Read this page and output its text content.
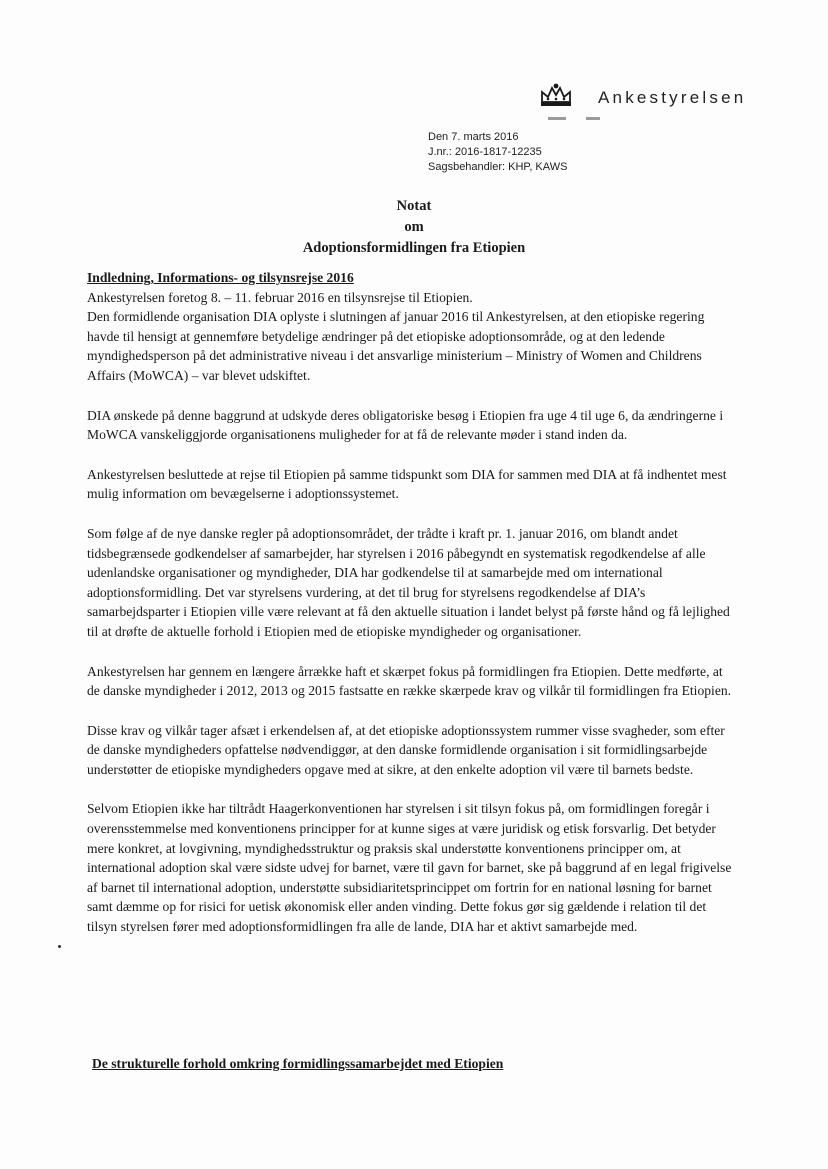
Ankestyrelsen
Den 7. marts 2016
J.nr.: 2016-1817-12235
Sagsbehandler: KHP, KAWS
Notat
om
Adoptionsformidlingen fra Etiopien

Indledning, Informations- og tilsynsrejse 2016

Ankestyrelsen foretog 8. – 11. februar 2016 en tilsynsrejse til Etiopien.
Den formidlende organisation DIA oplyste i slutningen af januar 2016 til Ankestyrelsen, at den etiopiske regering havde til hensigt at gennemføre betydelige ændringer på det etiopiske adoptionsområde, og at den ledende myndighedsperson på det administrative niveau i det ansvarlige ministerium – Ministry of Women and Childrens Affairs (MoWCA) – var blevet udskiftet.

DIA ønskede på denne baggrund at udskyde deres obligatoriske besøg i Etiopien fra uge 4 til uge 6, da ændringerne i MoWCA vanskeliggjorde organisationens muligheder for at få de relevante møder i stand inden da.

Ankestyrelsen besluttede at rejse til Etiopien på samme tidspunkt som DIA for sammen med DIA at få indhentet mest mulig information om bevægelserne i adoptionssystemet.

Som følge af de nye danske regler på adoptionsområdet, der trådte i kraft pr. 1. januar 2016, om blandt andet tidsbegrænsede godkendelser af samarbejder, har styrelsen i 2016 påbegyndt en systematisk regodkendelse af alle udenlandske organisationer og myndigheder, DIA har godkendelse til at samarbejde med om international adoptionsformidling. Det var styrelsens vurdering, at det til brug for styrelsens regodkendelse af DIA’s samarbejdsparter i Etiopien ville være relevant at få den aktuelle situation i landet belyst på første hånd og få lejlighed til at drøfte de aktuelle forhold i Etiopien med de etiopiske myndigheder og organisationer.

Ankestyrelsen har gennem en længere årrække haft et skærpet fokus på formidlingen fra Etiopien. Dette medførte, at de danske myndigheder i 2012, 2013 og 2015 fastsatte en række skærpede krav og vilkår til formidlingen fra Etiopien.

Disse krav og vilkår tager afsæt i erkendelsen af, at det etiopiske adoptionssystem rummer visse svagheder, som efter de danske myndigheders opfattelse nødvendiggør, at den danske formidlende organisation i sit formidlingsarbejde understøtter de etiopiske myndigheders opgave med at sikre, at den enkelte adoption vil være til barnets bedste.

Selvom Etiopien ikke har tiltrådt Haagerkonventionen har styrelsen i sit tilsyn fokus på, om formidlingen foregår i overensstemmelse med konventionens principper for at kunne siges at være juridisk og etisk forsvarlig. Det betyder mere konkret, at lovgivning, myndighedsstruktur og praksis skal understøtte konventionens principper om, at international adoption skal være sidste udvej for barnet, være til gavn for barnet, ske på baggrund af en legal frigivelse af barnet til international adoption, understøtte subsidiaritetsprincippet om fortrin for en national løsning for barnet samt dæmme op for risici for uetisk økonomisk eller anden vinding. Dette fokus gør sig gældende i relation til det tilsyn styrelsen fører med adoptionsformidlingen fra alle de lande, DIA har et aktivt samarbejde med.

De strukturelle forhold omkring formidlingssamarbejdet med Etiopien
